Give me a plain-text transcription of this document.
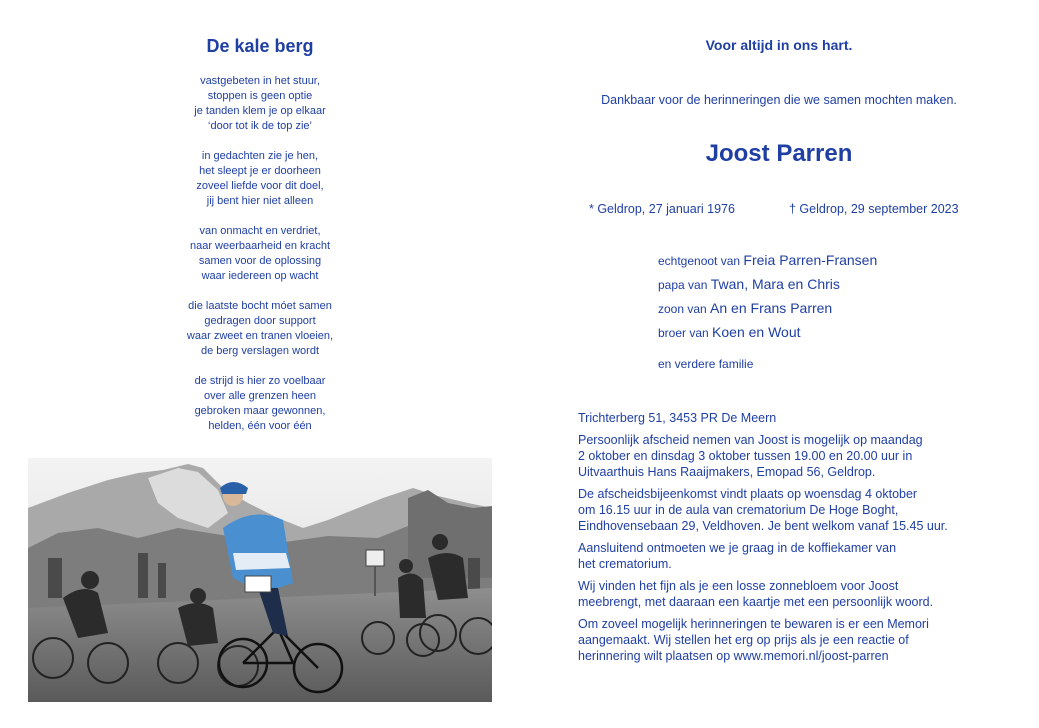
De kale berg
vastgebeten in het stuur,
stoppen is geen optie
je tanden klem je op elkaar
‘door tot ik de top zie’
in gedachten zie je hen,
het sleept je er doorheen
zoveel liefde voor dit doel,
jij bent hier niet alleen
van onmacht en verdriet,
naar weerbaarheid en kracht
samen voor de oplossing
waar iedereen op wacht
die laatste bocht móet samen
gedragen door support
waar zweet en tranen vloeien,
de berg verslagen wordt
de strijd is hier zo voelbaar
over alle grenzen heen
gebroken maar gewonnen,
helden, één voor één
Voor altijd in ons hart.
Dankbaar voor de herinneringen die we samen mochten maken.
Joost Parren
* Geldrop, 27 januari 1976	† Geldrop, 29 september 2023
echtgenoot van Freia Parren-Fransen
papa van Twan, Mara en Chris
zoon van An en Frans Parren
broer van Koen en Wout
en verdere familie
Trichterberg 51, 3453 PR De Meern
Persoonlijk afscheid nemen van Joost is mogelijk op maandag
2 oktober en dinsdag 3 oktober tussen 19.00 en 20.00 uur in
Uitvaarthuis Hans Raaijmakers, Emopad 56, Geldrop.
De afscheidsbijeenkomst vindt plaats op woensdag 4 oktober
om 16.15 uur in de aula van crematorium De Hoge Boght,
Eindhovensebaan 29, Veldhoven. Je bent welkom vanaf 15.45 uur.
Aansluitend ontmoeten we je graag in de koffiekamer van
het crematorium.
Wij vinden het fijn als je een losse zonnebloem voor Joost
meebrengt, met daaraan een kaartje met een persoonlijk woord.
Om zoveel mogelijk herinneringen te bewaren is er een Memori
aangemaakt. Wij stellen het erg op prijs als je een reactie of
herinnering wilt plaatsen op www.memori.nl/joost-parren
